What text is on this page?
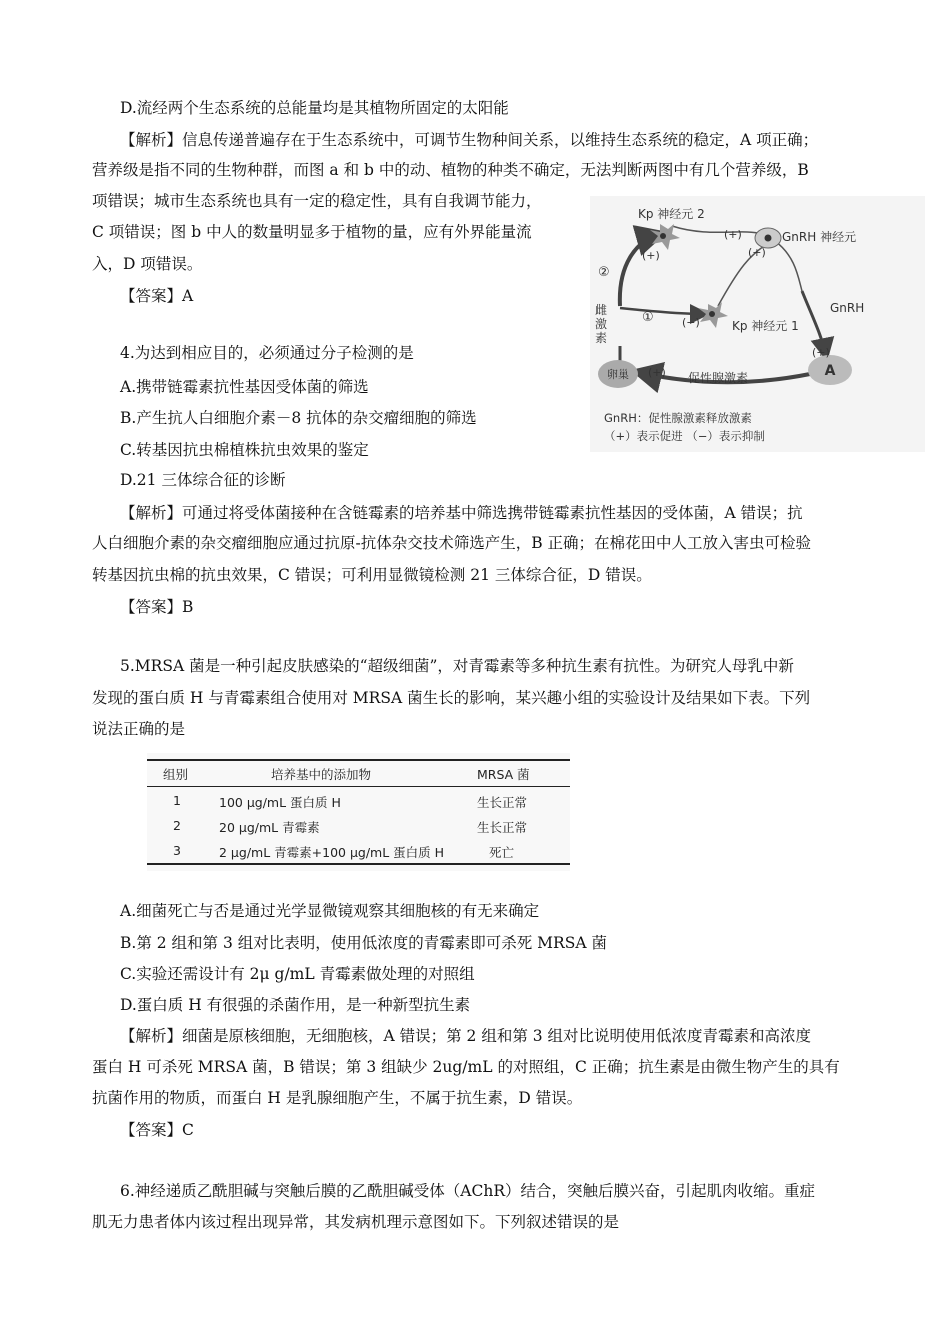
D.流经两个生态系统的总能量均是其植物所固定的太阳能
【解析】信息传递普遍存在于生态系统中，可调节生物种间关系，以维持生态系统的稳定，A 项正确；
营养级是指不同的生物种群，而图 a 和 b 中的动、植物的种类不确定，无法判断两图中有几个营养级，B
项错误；城市生态系统也具有一定的稳定性，具有自我调节能力，
C 项错误；图 b 中人的数量明显多于植物的量，应有外界能量流
入，D 项错误。
【答案】A
卵巢	A
Kp 神经元 2
GnRH 神经元
GnRH
Kp 神经元 1
促性腺激素
雌
激
素
②
①
(+)
(+)
(+)
(−)
(+)
(+)
GnRH：促性腺激素释放激素
（+）表示促进 （−）表示抑制
4.为达到相应目的，必须通过分子检测的是
A.携带链霉素抗性基因受体菌的筛选
B.产生抗人白细胞介素－8 抗体的杂交瘤细胞的筛选
C.转基因抗虫棉植株抗虫效果的鉴定
D.21 三体综合征的诊断
【解析】可通过将受体菌接种在含链霉素的培养基中筛选携带链霉素抗性基因的受体菌，A 错误；抗
人白细胞介素的杂交瘤细胞应通过抗原-抗体杂交技术筛选产生，B 正确；在棉花田中人工放入害虫可检验
转基因抗虫棉的抗虫效果，C 错误；可利用显微镜检测 21 三体综合征，D 错误。
【答案】B
5.MRSA 菌是一种引起皮肤感染的“超级细菌”，对青霉素等多种抗生素有抗性。为研究人母乳中新
发现的蛋白质 H 与青霉素组合使用对 MRSA 菌生长的影响，某兴趣小组的实验设计及结果如下表。下列
说法正确的是
组别	培养基中的添加物	MRSA 菌
1	100 μg/mL 蛋白质 H	生长正常
2	20 μg/mL 青霉素	生长正常
3	2 μg/mL 青霉素+100 μg/mL 蛋白质 H	死亡
A.细菌死亡与否是通过光学显微镜观察其细胞核的有无来确定
B.第 2 组和第 3 组对比表明，使用低浓度的青霉素即可杀死 MRSA 菌
C.实验还需设计有 2μ g/mL 青霉素做处理的对照组
D.蛋白质 H 有很强的杀菌作用，是一种新型抗生素
【解析】细菌是原核细胞，无细胞核，A 错误；第 2 组和第 3 组对比说明使用低浓度青霉素和高浓度
蛋白 H 可杀死 MRSA 菌，B 错误；第 3 组缺少 2ug/mL 的对照组，C 正确；抗生素是由微生物产生的具有
抗菌作用的物质，而蛋白 H 是乳腺细胞产生，不属于抗生素，D 错误。
【答案】C
6.神经递质乙酰胆碱与突触后膜的乙酰胆碱受体（AChR）结合，突触后膜兴奋，引起肌肉收缩。重症
肌无力患者体内该过程出现异常，其发病机理示意图如下。下列叙述错误的是
